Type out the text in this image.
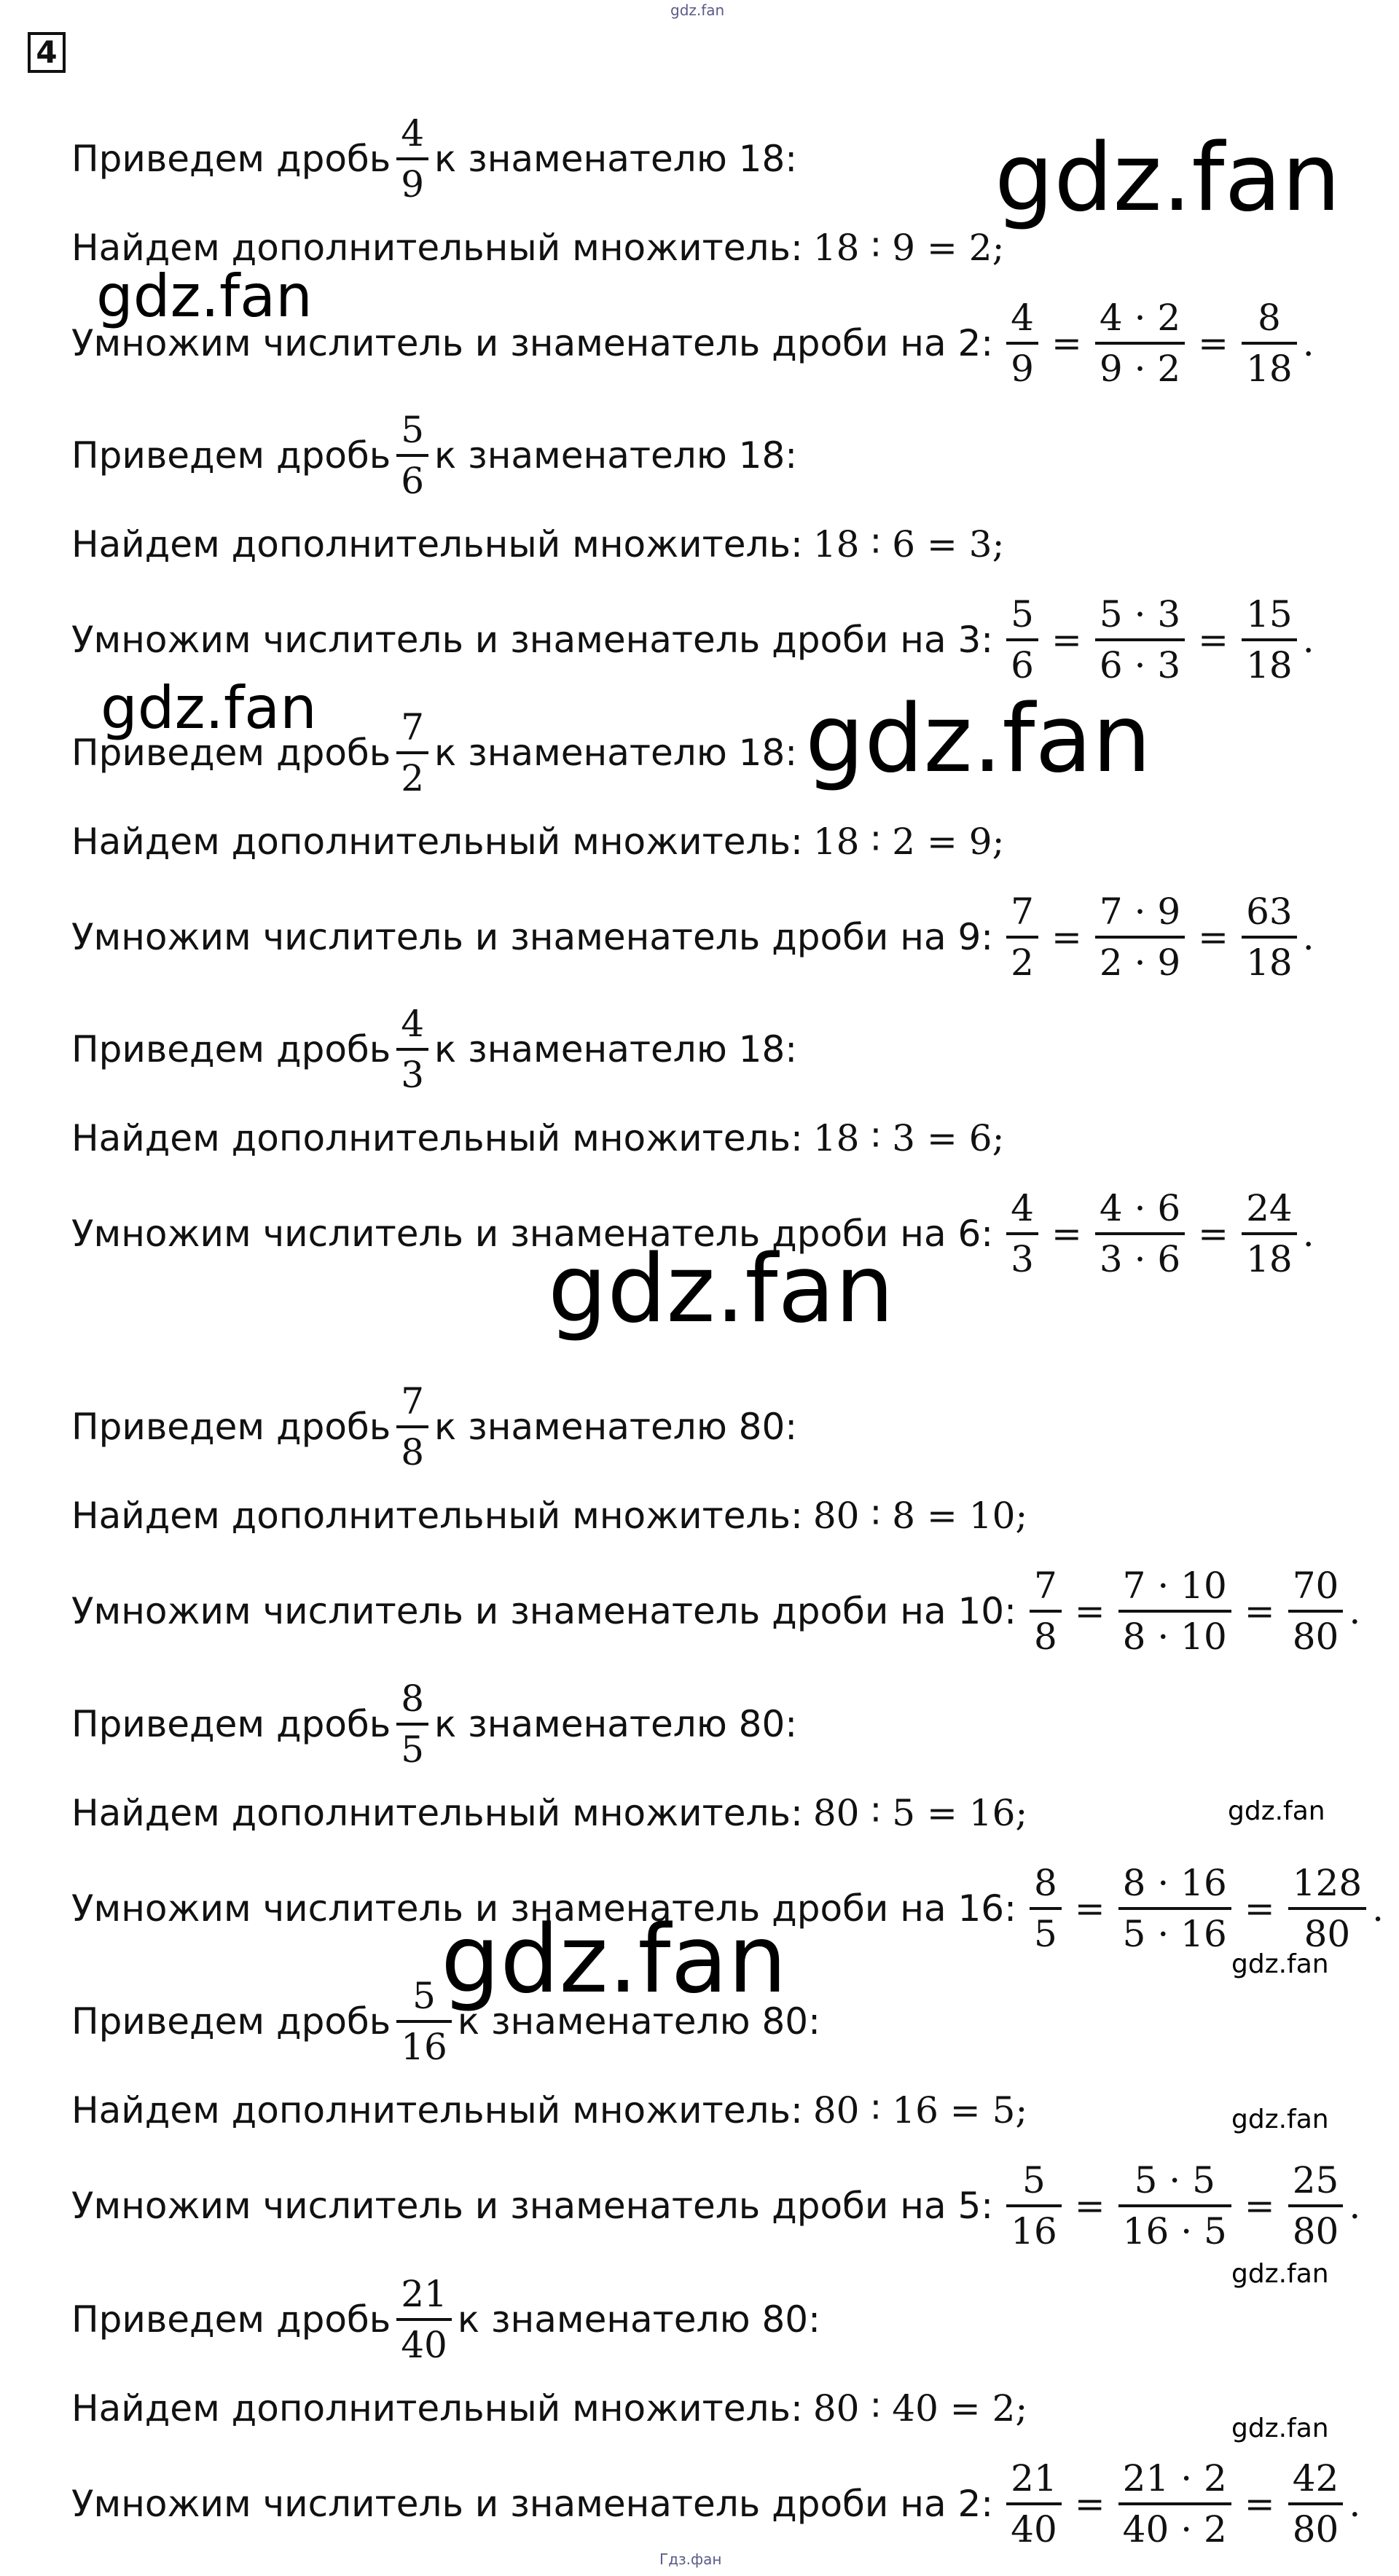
4
Приведем дробь $\frac{4}{9}$ к знаменателю 18:
Найдем дополнительный множитель: 18 ∶ 9 = 2;
Умножим числитель и знаменатель дроби на 2: $\frac{4}{9} = \frac{4 \cdot 2}{9 \cdot 2} = \frac{8}{18}$ .
Приведем дробь $\frac{5}{6}$ к знаменателю 18:
Найдем дополнительный множитель: 18 ∶ 6 = 3;
Умножим числитель и знаменатель дроби на 3: $\frac{5}{6} = \frac{5 \cdot 3}{6 \cdot 3} = \frac{15}{18}$ .
Приведем дробь $\frac{7}{2}$ к знаменателю 18:
Найдем дополнительный множитель: 18 ∶ 2 = 9;
Умножим числитель и знаменатель дроби на 9: $\frac{7}{2} = \frac{7 \cdot 9}{2 \cdot 9} = \frac{63}{18}$ .
Приведем дробь $\frac{4}{3}$ к знаменателю 18:
Найдем дополнительный множитель: 18 ∶ 3 = 6;
Умножим числитель и знаменатель дроби на 6: $\frac{4}{3} = \frac{4 \cdot 6}{3 \cdot 6} = \frac{24}{18}$ .
Приведем дробь $\frac{7}{8}$ к знаменателю 80:
Найдем дополнительный множитель: 80 ∶ 8 = 10;
Умножим числитель и знаменатель дроби на 10: $\frac{7}{8} = \frac{7 \cdot 10}{8 \cdot 10} = \frac{70}{80}$ .
Приведем дробь $\frac{8}{5}$ к знаменателю 80:
Найдем дополнительный множитель: 80 ∶ 5 = 16;
Умножим числитель и знаменатель дроби на 16: $\frac{8}{5} = \frac{8 \cdot 16}{5 \cdot 16} = \frac{128}{80}$ .
Приведем дробь $\frac{5}{16}$ к знаменателю 80:
Найдем дополнительный множитель: 80 ∶ 16 = 5;
Умножим числитель и знаменатель дроби на 5: $\frac{5}{16} = \frac{5 \cdot 5}{16 \cdot 5} = \frac{25}{80}$ .
Приведем дробь $\frac{21}{40}$ к знаменателю 80:
Найдем дополнительный множитель: 80 ∶ 40 = 2;
Умножим числитель и знаменатель дроби на 2: $\frac{21}{40} = \frac{21 \cdot 2}{40 \cdot 2} = \frac{42}{80}$ .
gdz.fan
gdz.fan
gdz.fan
gdz.fan	gdz.fan
gdz.fan
gdz.fan
gdz.fan	gdz.fan
gdz.fan
gdz.fan
gdz.fan
Гдз.фан
